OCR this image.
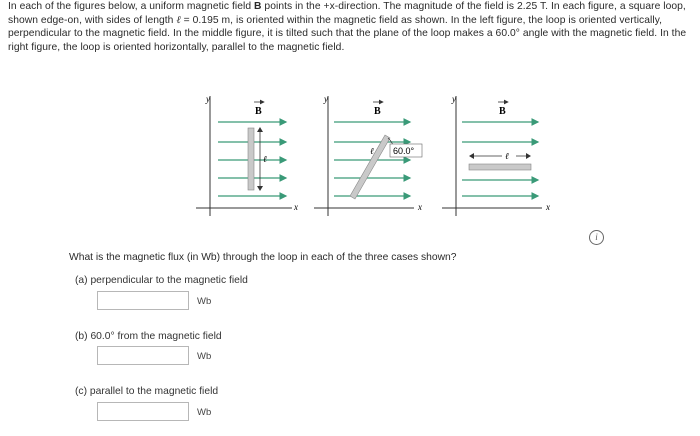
In each of the figures below, a uniform magnetic field B points in the +x-direction. The magnitude of the field is 2.25 T. In each figure, a square loop, shown edge-on, with sides of length ℓ = 0.195 m, is oriented within the magnetic field as shown. In the left figure, the loop is oriented vertically, perpendicular to the magnetic field. In the middle figure, it is tilted such that the plane of the loop makes a 60.0° angle with the magnetic field. In the right figure, the loop is oriented horizontally, parallel to the magnetic field.
y
x
ℓ
B
y
x
60.0°
ℓ
B
y
x
ℓ
B
i
What is the magnetic flux (in Wb) through the loop in each of the three cases shown?
(a) perpendicular to the magnetic field
Wb
(b) 60.0° from the magnetic field
Wb
(c) parallel to the magnetic field
Wb
